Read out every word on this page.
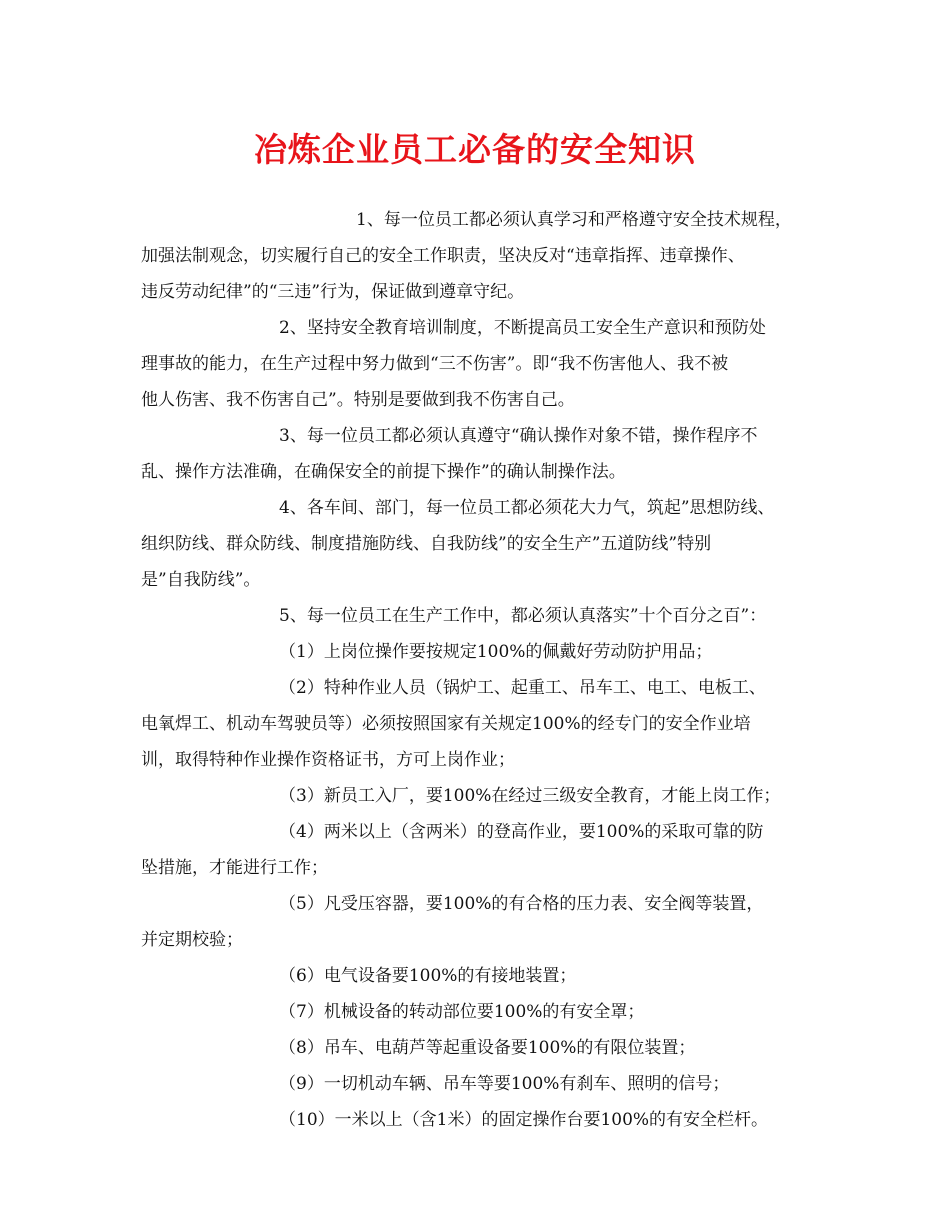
冶炼企业员工必备的安全知识
1、每一位员工都必须认真学习和严格遵守安全技术规程，
加强法制观念，切实履行自己的安全工作职责，坚决反对“违章指挥、违章操作、
违反劳动纪律”的“三违”行为，保证做到遵章守纪。
2、坚持安全教育培训制度，不断提高员工安全生产意识和预防处
理事故的能力，在生产过程中努力做到“三不伤害”。即“我不伤害他人、我不被
他人伤害、我不伤害自己”。特别是要做到我不伤害自己。
3、每一位员工都必须认真遵守“确认操作对象不错，操作程序不
乱、操作方法准确，在确保安全的前提下操作”的确认制操作法。
4、各车间、部门，每一位员工都必须花大力气，筑起”思想防线、
组织防线、群众防线、制度措施防线、自我防线”的安全生产”五道防线”特别
是”自我防线”。
5、每一位员工在生产工作中，都必须认真落实”十个百分之百”：
（1）上岗位操作要按规定100%的佩戴好劳动防护用品；
（2）特种作业人员（锅炉工、起重工、吊车工、电工、电板工、
电氧焊工、机动车驾驶员等）必须按照国家有关规定100%的经专门的安全作业培
训，取得特种作业操作资格证书，方可上岗作业；
（3）新员工入厂，要100%在经过三级安全教育，才能上岗工作；
（4）两米以上（含两米）的登高作业，要100%的采取可靠的防
坠措施，才能进行工作；
（5）凡受压容器，要100%的有合格的压力表、安全阀等装置，
并定期校验；
（6）电气设备要100%的有接地装置；
（7）机械设备的转动部位要100%的有安全罩；
（8）吊车、电葫芦等起重设备要100%的有限位装置；
（9）一切机动车辆、吊车等要100%有刹车、照明的信号；
（10）一米以上（含1米）的固定操作台要100%的有安全栏杆。
